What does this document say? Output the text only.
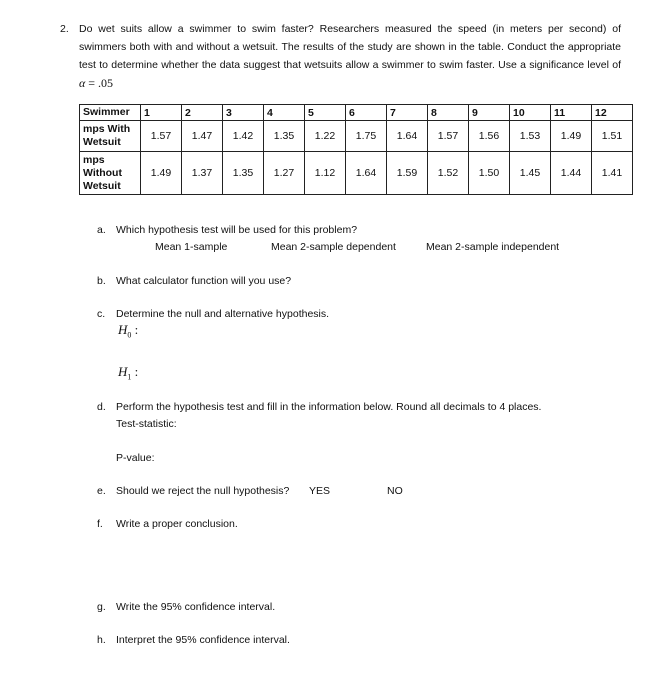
2. Do wet suits allow a swimmer to swim faster? Researchers measured the speed (in meters per second) of swimmers both with and without a wetsuit. The results of the study are shown in the table. Conduct the appropriate test to determine whether the data suggest that wetsuits allow a swimmer to swim faster. Use a significance level of α = .05
Swimmer	1	2	3	4	5	6	7	8	9	10	11	12

mps With
Wetsuit	1.57	1.47	1.42	1.35	1.22	1.75	1.64	1.57	1.56	1.53	1.49	1.51

mps
Without
Wetsuit	1.49	1.37	1.35	1.27	1.12	1.64	1.59	1.52	1.50	1.45	1.44	1.41
a. Which hypothesis test will be used for this problem?
Mean 1-sample	Mean 2-sample dependent	Mean 2-sample independent
b. What calculator function will you use?
c. Determine the null and alternative hypothesis.
$H_0$ :
$H_1$ :
d. Perform the hypothesis test and fill in the information below. Round all decimals to 4 places.
Test-statistic:
P-value:
e. Should we reject the null hypothesis? YES	NO
f. Write a proper conclusion.
g. Write the 95% confidence interval.
h. Interpret the 95% confidence interval.
